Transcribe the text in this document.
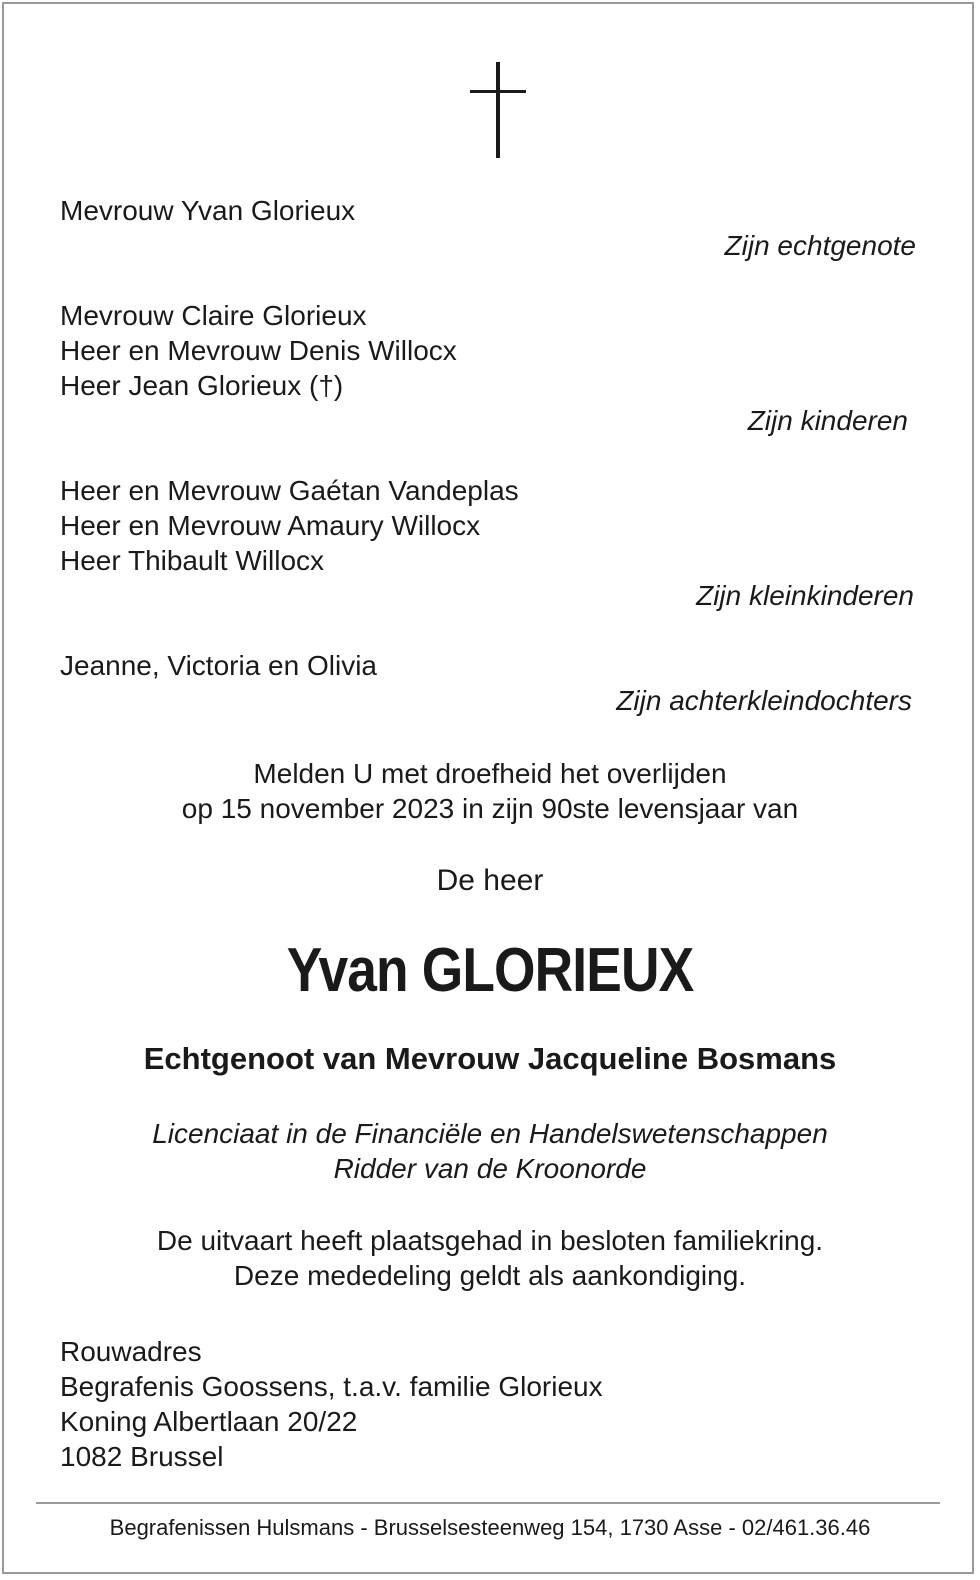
Mevrouw Yvan Glorieux

Zijn echtgenote

Mevrouw Claire Glorieux

Heer en Mevrouw Denis Willocx

Heer Jean Glorieux (†)

Zijn kinderen

Heer en Mevrouw Gaétan Vandeplas

Heer en Mevrouw Amaury Willocx

Heer Thibault Willocx

Zijn kleinkinderen

Jeanne, Victoria en Olivia

Zijn achterkleindochters

Melden U met droefheid het overlijden

op 15 november 2023 in zijn 90ste levensjaar van

De heer

Yvan GLORIEUX
Echtgenoot van Mevrouw Jacqueline Bosmans

Licenciaat in de Financiële en Handelswetenschappen

Ridder van de Kroonorde

De uitvaart heeft plaatsgehad in besloten familiekring.

Deze mededeling geldt als aankondiging.

Rouwadres

Begrafenis Goossens, t.a.v. familie Glorieux

Koning Albertlaan 20/22

1082 Brussel

Begrafenissen Hulsmans - Brusselsesteenweg 154, 1730 Asse - 02/461.36.46
